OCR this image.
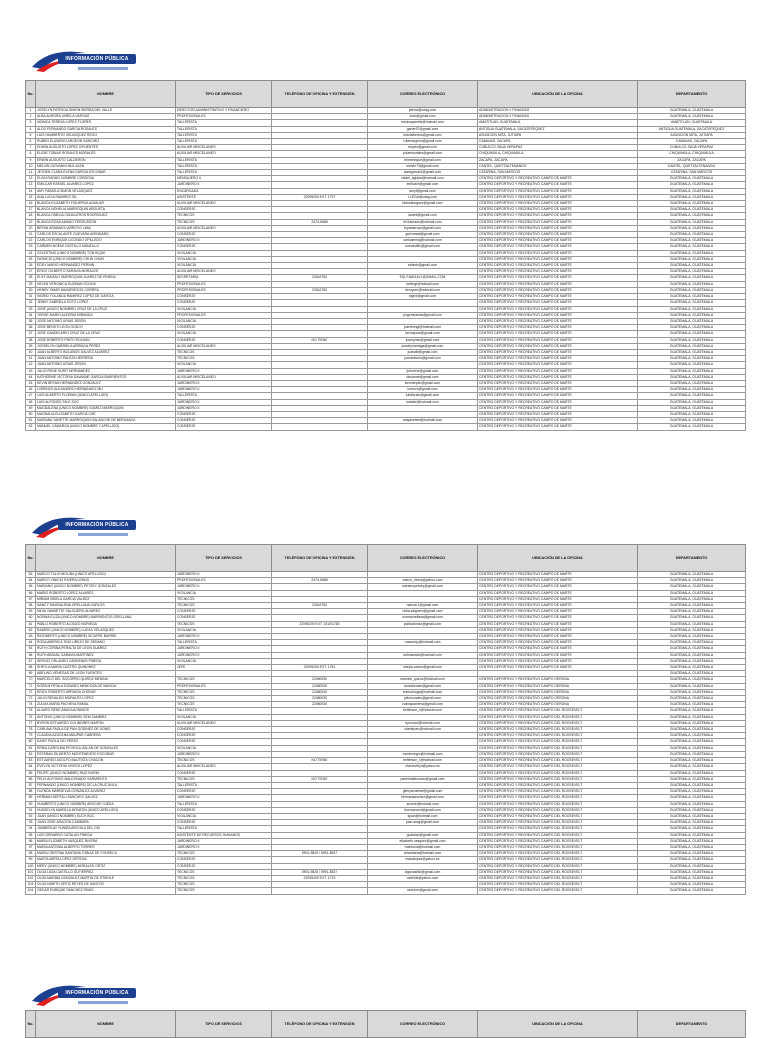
INFORMACIÓN PÚBLICA
No.	NOMBRE	TIPO DE SERVICIOS	TELÉFONO DE OFICINA Y EXTENSIÓN	CORREO ELECTRÓNICO	UBICACIÓN DE LA OFICINA	DEPARTAMENTO
1	JOSELYN PATRICIA SIMON SIERRA DEL VALLE	DIRECTOR ADMINISTRATIVO Y FINANCIERO		jsierra@cdag.com	ADMINISTRACION Y FINANZAS	GUATEMALA, GUATEMALA
2	ALBA AURORA VARELA VARGAS	PROFESIONALES		lcolo@gmail.com	ADMINISTRACION Y FINANZAS	GUATEMALA, GUATEMALA
3	MONICA TERESA LOPEZ FLORES	TALLERISTA		monicayanelis@hotmail.com	AMATITLAN, GUATEMALA	AMATITLAN, GUATEMALA
4	ALDO FERNANDO GARCIA ROSALES	TALLERISTA		garfer97@gmail.com	ANTIGUA GUATEMALA, SACATEPEQUEZ	ANTIGUA GUATEMALA, SACATEPEQUEZ
5	LUIS HUMBERTO VELASQUEZ REGO	TALLERISTA		luishalbertos@gmail.com	ASUNCION MITA, JUTIAPA	ASUNCION MITA, JUTIAPA
6	RUBEN ELIZARDO ARGEON SANCHEZ	TALLERISTA		rubenargeon@gmail.com	CABANAS, ZACAPA	CABANAS, ZACAPA
7	EDWIN AUGUSTO LOPEZ CIFUENTES	AUXILIAR MISCELANEO		elopez@gmail.com	CUBULCO, BAJA VERAPAZ	CUBULCO, BAJA VERAPAZ
8	ELIDIE TOBIAS ROSALES MORALES	AUXILIAR MISCELANEO		yolaemorales@gmail.com	CHIQUIMULA, CHIQUIMULA	CHIQUIMULA, CHIQUIMULA
9	ERWIN AUGUSTO CALDERON	TALLERISTA		ehmenrique@gmail.com	ZACAPA, ZACAPA	ZACAPA, ZACAPA
10	MELVIN GIOVANNI MUL ALEN	TALLERISTA		melvin73@gmail.com	CANTEL, QUETZALTENANGO	CANTEL, QUETZALTENANGO
11	JEYDEN CLARA ELENA GARCIA ESCOBAR	TALLERISTA		clarbgarcia1@gmail.com	CATARINA, SAN MARCOS	CATARINA, SAN MARCOS
12	ELVIN RAFAEL NOMBRE CORDOVA	MENSAJERO II		rafael_aguilar@hotmail.com	CENTRO DEPORTIVO Y RECREATIVO CAMPO DE MARTE	GUATEMALA, GUATEMALA
13	EMILCAR RAFAEL ALVAREZ LOPEZ	JARDINERO II		emilcarb@gmail.com	CENTRO DEPORTIVO Y RECREATIVO CAMPO DE MARTE	GUATEMALA, GUATEMALA
14	AMY FABIOLA SIMON VELASQUEZ	ENCARGADA		amyf@gmail.com	CENTRO DEPORTIVO Y RECREATIVO CAMPO DE MARTE	GUATEMALA, GUATEMALA
15	ANA LUCIA RAMIREZ GIL	ASISTENTE	22095200 EXT. 1797	LLEGA@cdag.com	CENTRO DEPORTIVO Y RECREATIVO CAMPO DE MARTE	GUATEMALA, GUATEMALA
16	BLANCA ELIZABETH FIGUEROA AGUILAR	AUXILIAR MISCELANEO		blancahuguez@gmail.com	CENTRO DEPORTIVO Y RECREATIVO CAMPO DE MARTE	GUATEMALA, GUATEMALA
17	BLANCA NOHELIA MARROQUIN ARGUETA	CONSERJE			CENTRO DEPORTIVO Y RECREATIVO CAMPO DE MARTE	GUATEMALA, GUATEMALA
18	BLANCA ONELIA CANILLEROS RODRIGUEZ	TECNICOS		lauteb@gmail.com	CENTRO DEPORTIVO Y RECREATIVO CAMPO DE MARTE	GUATEMALA, GUATEMALA
19	BLANCA ROSA AMADO FERGUSSON	TECNICOS	2474-6688	bl11amado@hotmail.com	CENTRO DEPORTIVO Y RECREATIVO CAMPO DE MARTE	GUATEMALA, GUATEMALA
20	BRYAN ARMANDO ARROYO LIMA	AUXILIAR MISCELANEO		bryanarroyo@gmail.com	CENTRO DEPORTIVO Y RECREATIVO CAMPO DE MARTE	GUATEMALA, GUATEMALA
21	CARLOS ESCALANTE GUEVARA AVENDAÑO	CONSERJE		guevaraaf@gmail.com	CENTRO DEPORTIVO Y RECREATIVO CAMPO DE MARTE	GUATEMALA, GUATEMALA
22	CARLOS ENRIQUE LICONDO OPILLEDO	JARDINERO II		carlosenriq@hotmail.com	CENTRO DEPORTIVO Y RECREATIVO CAMPO DE MARTE	GUATEMALA, GUATEMALA
23	CARMEN NOEMI CASTILLO MANZILLO	CONSERJE		noecastillo@gmail.com	CENTRO DEPORTIVO Y RECREATIVO CAMPO DE MARTE	GUATEMALA, GUATEMALA
24	CELESTINO (UNICO NOMBRE) TOB SIQUE	VIGILANCIA			CENTRO DEPORTIVO Y RECREATIVO CAMPO DE MARTE	GUATEMALA, GUATEMALA
25	DIONICIO (UNICO NOMBRE) CHUN CHUN	VIGILANCIA			CENTRO DEPORTIVO Y RECREATIVO CAMPO DE MARTE	GUATEMALA, GUATEMALA
26	EDDY MARIO HERNANDEZ PERNIN	VIGILANCIA		eddmh@gmail.com	CENTRO DEPORTIVO Y RECREATIVO CAMPO DE MARTE	GUATEMALA, GUATEMALA
27	ERICK GILBERTO SARAVIA MORALES	AUXILIAR MISCELANEO			CENTRO DEPORTIVO Y RECREATIVO CAMPO DE MARTE	GUATEMALA, GUATEMALA
28	ELSY MAGALY MARROQUIN JUAREZ DE PINEDA	SECRETARIA	23342783	ESLY.MAGALY@GMAIL.COM	CENTRO DEPORTIVO Y RECREATIVO CAMPO DE MARTE	GUATEMALA, GUATEMALA
29	HELEN VERONICA GUZMAN OCHOA	PROFESIONALES		helengt@hotmail.com	CENTRO DEPORTIVO Y RECREATIVO CAMPO DE MARTE	GUATEMALA, GUATEMALA
30	HENRY OMAR MAZARIEGOS CORREA	PROFESIONALES	23342783	henryom@hotmail.com	CENTRO DEPORTIVO Y RECREATIVO CAMPO DE MARTE	GUATEMALA, GUATEMALA
31	INGRID YOLANDA RAMIREZ LOPEZ DE GARCIA	CONSERJE		ingrid@gmail.com	CENTRO DEPORTIVO Y RECREATIVO CAMPO DE MARTE	GUATEMALA, GUATEMALA
32	JENNY GABRIELA SOTO LOPEZ	CONSERJE			CENTRO DEPORTIVO Y RECREATIVO CAMPO DE MARTE	GUATEMALA, GUATEMALA
33	JOSE (UNICO NOMBRE) CRUZ DE LA CRUZ	VIGILANCIA			CENTRO DEPORTIVO Y RECREATIVO CAMPO DE MARTE	GUATEMALA, GUATEMALA
34	JORGE MARIO ALEGRIA MIRANDA	PROFESIONALES		jorgemiranda@gmail.com	CENTRO DEPORTIVO Y RECREATIVO CAMPO DE MARTE	GUATEMALA, GUATEMALA
35	JOSE ANTONIO URIAS JERON	VIGILANCIA			CENTRO DEPORTIVO Y RECREATIVO CAMPO DE MARTE	GUATEMALA, GUATEMALA
36	JOSE BENITO LEON GODOY	CONSERJE		joseleongt@hotmail.com	CENTRO DEPORTIVO Y RECREATIVO CAMPO DE MARTE	GUATEMALA, GUATEMALA
37	JOSE CANDELARIO CRUZ DE LA CRUZ	VIGILANCIA		lacruzjose@gmail.com	CENTRO DEPORTIVO Y RECREATIVO CAMPO DE MARTE	GUATEMALA, GUATEMALA
38	JOSE ROBERTO PINTO ROLDAN	CONSERJE	NO TIENE	joserpinto@gmail.com	CENTRO DEPORTIVO Y RECREATIVO CAMPO DE MARTE	GUATEMALA, GUATEMALA
39	JOSSELYN GABRIELA ARRIAGA PEREZ	AUXILIAR MISCELANEO		josselynarriaga@gmail.com	CENTRO DEPORTIVO Y RECREATIVO CAMPO DE MARTE	GUATEMALA, GUATEMALA
40	JUAN ALBERTO BOLAÑOS GALVEZ ALVAREZ	TECNICOS		juanalb@gmail.com	CENTRO DEPORTIVO Y RECREATIVO CAMPO DE MARTE	GUATEMALA, GUATEMALA
41	JUAN ANTONIO PALEZA HERRERA	TECNICOS		juanantonio@gmail.com	CENTRO DEPORTIVO Y RECREATIVO CAMPO DE MARTE	GUATEMALA, GUATEMALA
42	JUAN ANTONIO URIAS JERON	VIGILANCIA			CENTRO DEPORTIVO Y RECREATIVO CAMPO DE MARTE	GUATEMALA, GUATEMALA
43	JULIO RENE SURIT HERNANDEZ	JARDINERO II		juliorene@gmail.com	CENTRO DEPORTIVO Y RECREATIVO CAMPO DE MARTE	GUATEMALA, GUATEMALA
44	KATHERINE VICTORIA DAVANNE GARCIA BARRIENTOS	AUXILIAR MISCELANEO		davanne@gmail.com	CENTRO DEPORTIVO Y RECREATIVO CAMPO DE MARTE	GUATEMALA, GUATEMALA
45	KEVIN BRYAN HERNANDEZ GONZALEZ	JARDINERO II		kevinbryan@gmail.com	CENTRO DEPORTIVO Y RECREATIVO CAMPO DE MARTE	GUATEMALA, GUATEMALA
46	LORENZO ALEJANDRO HERNANDEZ MIJ	JARDINERO II		lorenzo@gmail.com	CENTRO DEPORTIVO Y RECREATIVO CAMPO DE MARTE	GUATEMALA, GUATEMALA
47	LUIS ALBERTO FLORIAN (UNICO APELLIDO)	TALLERISTA		luisflorian@gmail.com	CENTRO DEPORTIVO Y RECREATIVO CAMPO DE MARTE	GUATEMALA, GUATEMALA
48	LUIS ALFONSO TALE SOC	JARDINERO II		luistale@hotmail.com	CENTRO DEPORTIVO Y RECREATIVO CAMPO DE MARTE	GUATEMALA, GUATEMALA
49	MAGDALENA (UNICO NOMBRE) GOMEZ MARROQUIN	JARDINERO II			CENTRO DEPORTIVO Y RECREATIVO CAMPO DE MARTE	GUATEMALA, GUATEMALA
50	MAGDALIA ELIZABETH GARCIA CHE	CONSERJE			CENTRO DEPORTIVO Y RECREATIVO CAMPO DE MARTE	GUATEMALA, GUATEMALA
51	MARIANA YANETTE MARROQUIN GALANCHE DE BERGANZA	CONSERJE		mayanettea@hotmail.com	CENTRO DEPORTIVO Y RECREATIVO CAMPO DE MARTE	GUATEMALA, GUATEMALA
52	MANUEL CAMARGA (UNICO NOMBRE Y APELLIDO)	CONSERJE			CENTRO DEPORTIVO Y RECREATIVO CAMPO DE MARTE	GUATEMALA, GUATEMALA
INFORMACIÓN PÚBLICA
No.	NOMBRE	TIPO DE SERVICIOS	TELÉFONO DE OFICINA Y EXTENSIÓN	CORREO ELECTRÓNICO	UBICACIÓN DE LA OFICINA	DEPARTAMENTO
53	MARCO TULIO MOLINA (UNICO APELLIDO)	JARDINERO II			CENTRO DEPORTIVO Y RECREATIVO CAMPO DE MARTE	GUATEMALA, GUATEMALA
54	MARCO VINICIO RIVERA LEMUS	PROFESIONALES	2474-6688	marco_rivera@yahoo.com	CENTRO DEPORTIVO Y RECREATIVO CAMPO DE MARTE	GUATEMALA, GUATEMALA
55	MARIANO (UNICO NOMBRE) PETZEY GONZALEZ	JARDINERO II		marianopetzey@gmail.com	CENTRO DEPORTIVO Y RECREATIVO CAMPO DE MARTE	GUATEMALA, GUATEMALA
56	MARIO ROBERTO LOPEZ ALVAREZ	VIGILANCIA			CENTRO DEPORTIVO Y RECREATIVO CAMPO DE MARTE	GUATEMALA, GUATEMALA
57	MIRIAM ISBELA GARCIA VALDEZ	TECNICOS			CENTRO DEPORTIVO Y RECREATIVO CAMPO DE MARTE	GUATEMALA, GUATEMALA
58	NANCY MAGDALENA ORELLANA CARLOS	TECNICOS	23342783	nancia.1@gmail.com	CENTRO DEPORTIVO Y RECREATIVO CAMPO DE MARTE	GUATEMALA, GUATEMALA
59	NIDIA YANNETTE SALGUERO ALVAREZ	CONSERJE		nidia.salguero@gmail.com	CENTRO DEPORTIVO Y RECREATIVO CAMPO DE MARTE	GUATEMALA, GUATEMALA
60	NORMA ELIZA (UNICO NOMBRE) BARRIENTOS ORELLANA	CONSERJE		normaorellana@gmail.com	CENTRO DEPORTIVO Y RECREATIVO CAMPO DE MARTE	GUATEMALA, GUATEMALA
61	PABLO ROBERTO ALONZO NORIEGA	TECNICOS	22095200 EXT. 1510/1783	pabloalonzo@gmail.com	CENTRO DEPORTIVO Y RECREATIVO CAMPO DE MARTE	GUATEMALA, GUATEMALA
62	RAMIRO (UNICO NOMBRE) LUCAS VELASQUEZ	VIGILANCIA			CENTRO DEPORTIVO Y RECREATIVO CAMPO DE MARTE	GUATEMALA, GUATEMALA
63	RIGOBERTO (UNICO NOMBRE) SICAFRE BARRIE	JARDINERO II			CENTRO DEPORTIVO Y RECREATIVO CAMPO DE MARTE	GUATEMALA, GUATEMALA
64	ROSA AMERICA TINO UREJO DE SEDANO	TALLERISTA		rosaurejo@hotmail.com	CENTRO DEPORTIVO Y RECREATIVO CAMPO DE MARTE	GUATEMALA, GUATEMALA
65	RUTH CORINA PERALTA DE LEON SUAREZ	JARDINERO II			CENTRO DEPORTIVO Y RECREATIVO CAMPO DE MARTE	GUATEMALA, GUATEMALA
66	RUTH ABIGAIL SARAVIA MARTINEZ	JARDINERO II		ruthsaravia@hotmail.com	CENTRO DEPORTIVO Y RECREATIVO CAMPO DE MARTE	GUATEMALA, GUATEMALA
67	SERGIO ORLANDO CARDENAS PINEDA	VIGILANCIA			CENTRO DEPORTIVO Y RECREATIVO CAMPO DE MARTE	GUATEMALA, GUATEMALA
68	SHEYLA MARIA CASTRO QUINONEZ	JEFE	22095200 EXT. 1781	sheyla.castro@gmail.com	CENTRO DEPORTIVO Y RECREATIVO CAMPO DE MARTE	GUATEMALA, GUATEMALA
69	ABELINO VENEGAS DE LEON FUENTES					GUATEMALA, GUATEMALA
70	MARCELO DEL SOCORRO QUIROZ MEDINA	TECNICOS	22480030	marcelo_quiroz@hotmail.com	CENTRO DEPORTIVO Y RECREATIVO CAMPO GERONA	GUATEMALA, GUATEMALA
71	DORA MYRTALA DONADO MENDOZA DE MANCIA	PROFESIONALES	22480030	doradonado@gmail.com	CENTRO DEPORTIVO Y RECREATIVO CAMPO GERONA	GUATEMALA, GUATEMALA
72	ERICK ROBERTO ARRIAGA CHONAY	TECNICOS	22480030	erickarriaga@hotmail.com	CENTRO DEPORTIVO Y RECREATIVO CAMPO GERONA	GUATEMALA, GUATEMALA
73	JULIO RENALDO MORALES LOPEZ	TECNICOS	22480030	juliomorales@gmail.com	CENTRO DEPORTIVO Y RECREATIVO CAMPO GERONA	GUATEMALA, GUATEMALA
74	ZULMA MARIA PACHEVA RAMAL	TECNICOS	22480030	zulmapacheva@gmail.com	CENTRO DEPORTIVO Y RECREATIVO CAMPO GERONA	GUATEMALA, GUATEMALA
75	ALVARO RENE ANAGUA RAMOS	TALLERISTA		betterson_r@hotmail.com	CENTRO DEPORTIVO Y RECREATIVO CAMPO DEL ROOSEVELT	GUATEMALA, GUATEMALA
76	ANTONIO (UNICO NOMBRE) SEM ZAMBRIZ	VIGILANCIA			CENTRO DEPORTIVO Y RECREATIVO CAMPO DEL ROOSEVELT	GUATEMALA, GUATEMALA
77	BYRON ESTUARDO COLINDRES MARTIN	AUXILIAR MISCELANEO		byroncol@hotmail.com	CENTRO DEPORTIVO Y RECREATIVO CAMPO DEL ROOSEVELT	GUATEMALA, GUATEMALA
78	CARLINA PAOLA DE PAN GODINEZ DE DONIS	CONSERJE		cdedepan@hotmail.com	CENTRO DEPORTIVO Y RECREATIVO CAMPO DEL ROOSEVELT	GUATEMALA, GUATEMALA
79	CLAUDIA AZUCENA MAUPAR CABRERA	CONSERJE			CENTRO DEPORTIVO Y RECREATIVO CAMPO DEL ROOSEVELT	GUATEMALA, GUATEMALA
80	DAISY PAOLA CID PEREZ	CONSERJE			CENTRO DEPORTIVO Y RECREATIVO CAMPO DEL ROOSEVELT	GUATEMALA, GUATEMALA
81	ERIKA CAROLINA PICHOLA GALAN DE GONZALEZ	VIGILANCIA			CENTRO DEPORTIVO Y RECREATIVO CAMPO DEL ROOSEVELT	GUATEMALA, GUATEMALA
82	ESTEBAN GILBERTO MONTENEGRO ESCOBAR	JARDINERO II		montenegro@hotmail.com	CENTRO DEPORTIVO Y RECREATIVO CAMPO DEL ROOSEVELT	GUATEMALA, GUATEMALA
83	ESTUARDO ADOLFO BAUTISTA CHACON	TECNICOS	NO TIENE	betterson_r@hotmail.com	CENTRO DEPORTIVO Y RECREATIVO CAMPO DEL ROOSEVELT	GUATEMALA, GUATEMALA
84	EVELYN VICTORIA VIVEES LOPEZ	AUXILIAR MISCELANEO		vivesevelyn@yahoo.es	CENTRO DEPORTIVO Y RECREATIVO CAMPO DEL ROOSEVELT	GUATEMALA, GUATEMALA
85	FELIPE (UNICO NOMBRE) RUIZ BURIN	CONSERJE			CENTRO DEPORTIVO Y RECREATIVO CAMPO DEL ROOSEVELT	GUATEMALA, GUATEMALA
86	FELIX ALFONSO MALDONADO SARMIENTO	TECNICOS	NO TIENE	panelmaldonado@gmail.com	CENTRO DEPORTIVO Y RECREATIVO CAMPO DEL ROOSEVELT	GUATEMALA, GUATEMALA
87	FERNANDO (UNICO NOMBRE) DE LA CRUZ AVILA	TALLERISTA			CENTRO DEPORTIVO Y RECREATIVO CAMPO DEL ROOSEVELT	GUATEMALA, GUATEMALA
88	GLENDA MARISELVA GONZALEZ ALVAREZ	CONSERJE		glenysmarisel@gmail.com	CENTRO DEPORTIVO Y RECREATIVO CAMPO DEL ROOSEVELT	GUATEMALA, GUATEMALA
89	HERMAN NEPTALI SANCHEZ GALVEZ	JARDINERO II		hermansanchez@gmail.com	CENTRO DEPORTIVO Y RECREATIVO CAMPO DEL ROOSEVELT	GUATEMALA, GUATEMALA
90	HUMBERTO (UNICO NOMBRE) AROCHE OJEDA	TALLERISTA		aroche@hotmail.com	CENTRO DEPORTIVO Y RECREATIVO CAMPO DEL ROOSEVELT	GUATEMALA, GUATEMALA
91	HUSSELYN MARIELA MONZON (UNICO APELLIDO)	CONSERJE		husmonzon@gmail.com	CENTRO DEPORTIVO Y RECREATIVO CAMPO DEL ROOSEVELT	GUATEMALA, GUATEMALA
92	JUAN (UNICO NOMBRE) SUCH BOC	VIGILANCIA		sjuan@hotmail.com	CENTRO DEPORTIVO Y RECREATIVO CAMPO DEL ROOSEVELT	GUATEMALA, GUATEMALA
93	JUAN JOSE ARAGON CAMBARA	CONSERJE		juan.arag@gmail.com	CENTRO DEPORTIVO Y RECREATIVO CAMPO DEL ROOSEVELT	GUATEMALA, GUATEMALA
94	JUMBERLAY YUNIRA ARCHILA DEL CID	TALLERISTA			CENTRO DEPORTIVO Y RECREATIVO CAMPO DEL ROOSEVELT	GUATEMALA, GUATEMALA
95	LUIS GERARDO CATALAN PINEDA	ASISTENTE DE RECURSOS HUMANOS		gcatalan@gmail.com	CENTRO DEPORTIVO Y RECREATIVO CAMPO DEL ROOSEVELT	GUATEMALA, GUATEMALA
96	MARIA ELIZABETH VASQUEZ RIVERA	JARDINERO II		elizabeth.vasquez@gmail.com	CENTRO DEPORTIVO Y RECREATIVO CAMPO DEL ROOSEVELT	GUATEMALA, GUATEMALA
97	MARIA ANTONIA ALBERTO TORRES	JARDINERO II		mantonia@hotmail.com	CENTRO DEPORTIVO Y RECREATIVO CAMPO DEL ROOSEVELT	GUATEMALA, GUATEMALA
98	MARIA CRISTINA SANTANA TOBIAS DE FONSECA	TECNICOS	5901-9825 / 5991-8537	crisantana@hotmail.com	CENTRO DEPORTIVO Y RECREATIVO CAMPO DEL ROOSEVELT	GUATEMALA, GUATEMALA
99	MARTA MIRTA LOPEZ ORTEGA	CONSERJE		martalopez@yahoo.es	CENTRO DEPORTIVO Y RECREATIVO CAMPO DEL ROOSEVELT	GUATEMALA, GUATEMALA
100	MERY (UNICO NOMBRE) MORALES ORTIZ	CONSERJE			CENTRO DEPORTIVO Y RECREATIVO CAMPO DEL ROOSEVELT	GUATEMALA, GUATEMALA
101	OLGA LIDIA CASTILLO GUTIERREZ	TECNICOS	5901-9825 / 5991-8537	olgacastillo@gmail.com	CENTRO DEPORTIVO Y RECREATIVO CAMPO DEL ROOSEVELT	GUATEMALA, GUATEMALA
102	OLGA MARINA GONZALEZ MARTIN DE STIEHLE	TECNICOS	22095200 EXT. 1719	ostiehle@yahoo.com	CENTRO DEPORTIVO Y RECREATIVO CAMPO DEL ROOSEVELT	GUATEMALA, GUATEMALA
103	OLGA NINETH ORTIZ REYES DE SANTOS	TECNICOS			CENTRO DEPORTIVO Y RECREATIVO CAMPO DEL ROOSEVELT	GUATEMALA, GUATEMALA
104	OSCAR ENRIQUE SANCHEZ RIVAS	TECNICOS		oescher@gmail.com	CENTRO DEPORTIVO Y RECREATIVO CAMPO DEL ROOSEVELT	GUATEMALA, GUATEMALA
INFORMACIÓN PÚBLICA
No.	NOMBRE	TIPO DE SERVICIOS	TELÉFONO DE OFICINA Y EXTENSIÓN	CORREO ELECTRÓNICO	UBICACIÓN DE LA OFICINA	DEPARTAMENTO
